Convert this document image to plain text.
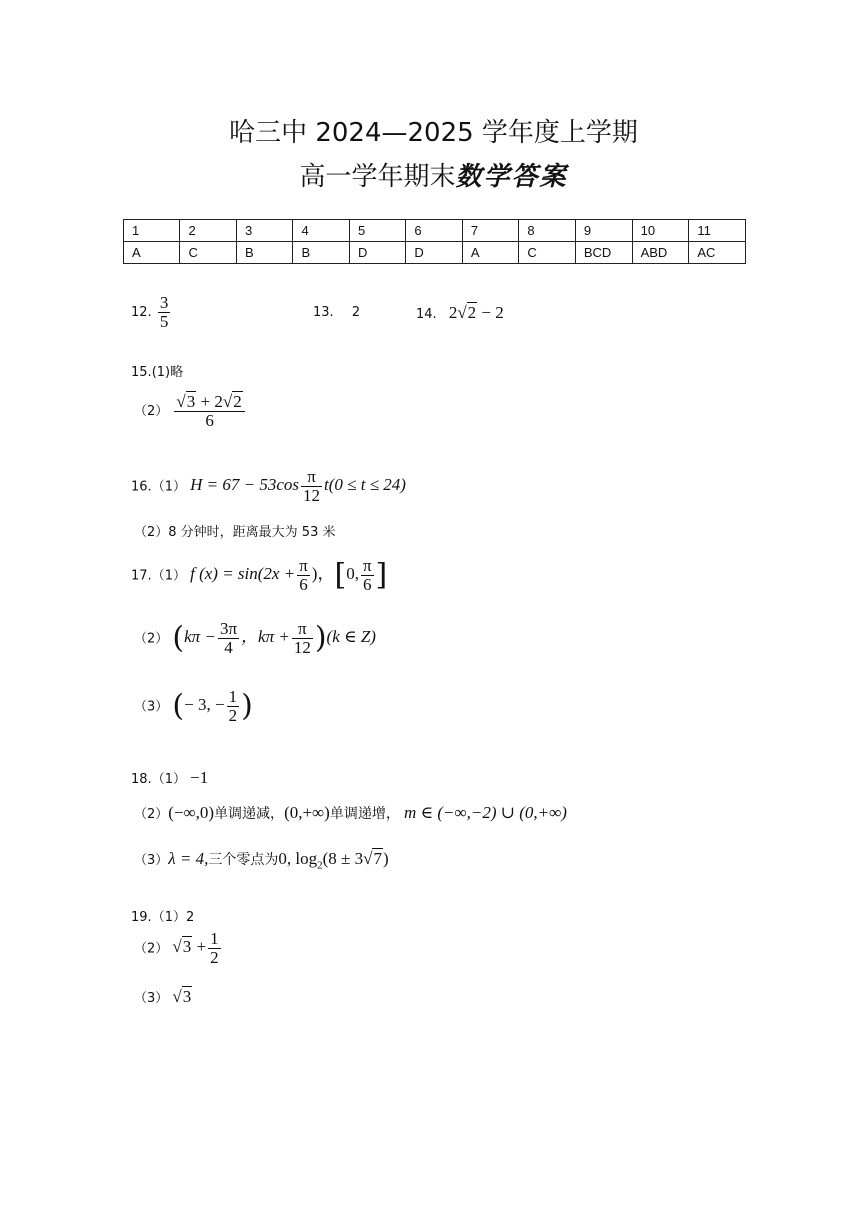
哈三中 2024—2025 学年度上学期
高一学年期末数学答案
1	2	3	4	5	6	7	8	9	10	11
A	C	B	B	D	D	A	C	BCD	ABD	AC
12. $\frac{3}{5}$	13. 2	14. 2√2 − 2
15.(1)略
$(2) \frac{√3 + 2√2}{6}$
16.（1） $H = 67 - 53\cos \frac{\pi}{12} t(0 \le t \le 24)$
（2）8 分钟时，距离最大为 53 米
17.（1） f $(x) = \sin(2x + \frac{\pi}{6}$ )，[0, $\frac{\pi}{6}$ ]
（2） ($k\pi - \frac{3\pi}{4}$ ，$k\pi + \frac{\pi}{12} )(k$ ∈ Z)
（3） (− 3, − $\frac{1}{2}$ )
18.（1） −1
（2）(−∞,0)单调递减，(0,+∞)单调递增， m ∈ (−∞,−2) ∪ (0,+∞)
（3）λ = 4,三个零点为0, $\log_2(8 \pm 3√7)$
19.（1）2
（2） $√3 + \frac{1}{2}$
（3） √3
